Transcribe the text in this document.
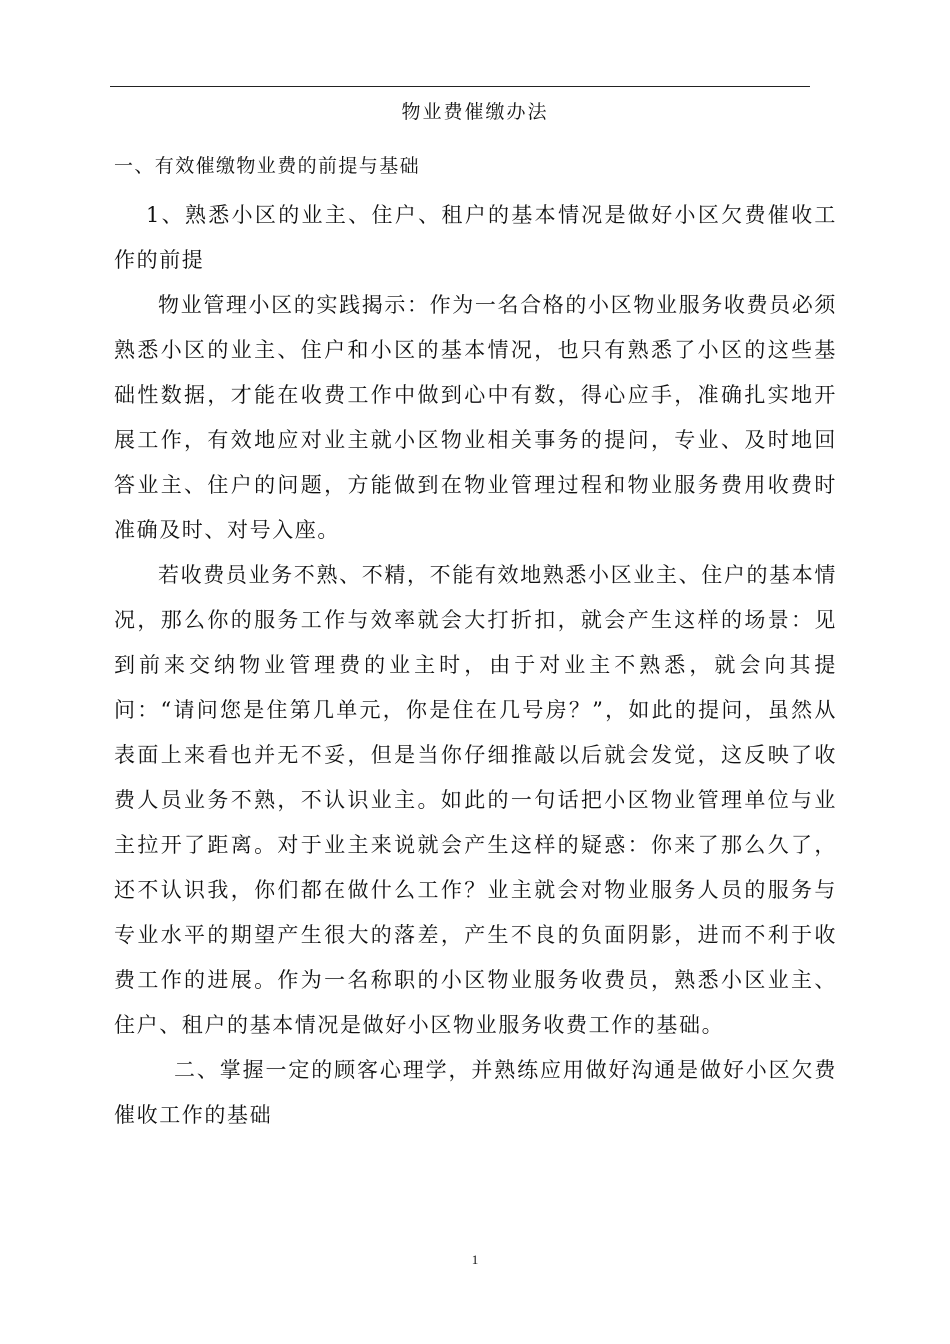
物业费催缴办法

一、有效催缴物业费的前提与基础

1、熟悉小区的业主、住户、租户的基本情况是做好小区欠费催收工作的前提

物业管理小区的实践揭示：作为一名合格的小区物业服务收费员必须熟悉小区的业主、住户和小区的基本情况，也只有熟悉了小区的这些基础性数据，才能在收费工作中做到心中有数，得心应手，准确扎实地开展工作，有效地应对业主就小区物业相关事务的提问，专业、及时地回答业主、住户的问题，方能做到在物业管理过程和物业服务费用收费时准确及时、对号入座。

若收费员业务不熟、不精，不能有效地熟悉小区业主、住户的基本情况，那么你的服务工作与效率就会大打折扣，就会产生这样的场景：见到前来交纳物业管理费的业主时，由于对业主不熟悉，就会向其提问：“请问您是住第几单元，你是住在几号房？”，如此的提问，虽然从表面上来看也并无不妥，但是当你仔细推敲以后就会发觉，这反映了收费人员业务不熟，不认识业主。如此的一句话把小区物业管理单位与业主拉开了距离。对于业主来说就会产生这样的疑惑：你来了那么久了，还不认识我，你们都在做什么工作？业主就会对物业服务人员的服务与专业水平的期望产生很大的落差，产生不良的负面阴影，进而不利于收费工作的进展。作为一名称职的小区物业服务收费员，熟悉小区业主、住户、租户的基本情况是做好小区物业服务收费工作的基础。

二、掌握一定的顾客心理学，并熟练应用做好沟通是做好小区欠费催收工作的基础

1
